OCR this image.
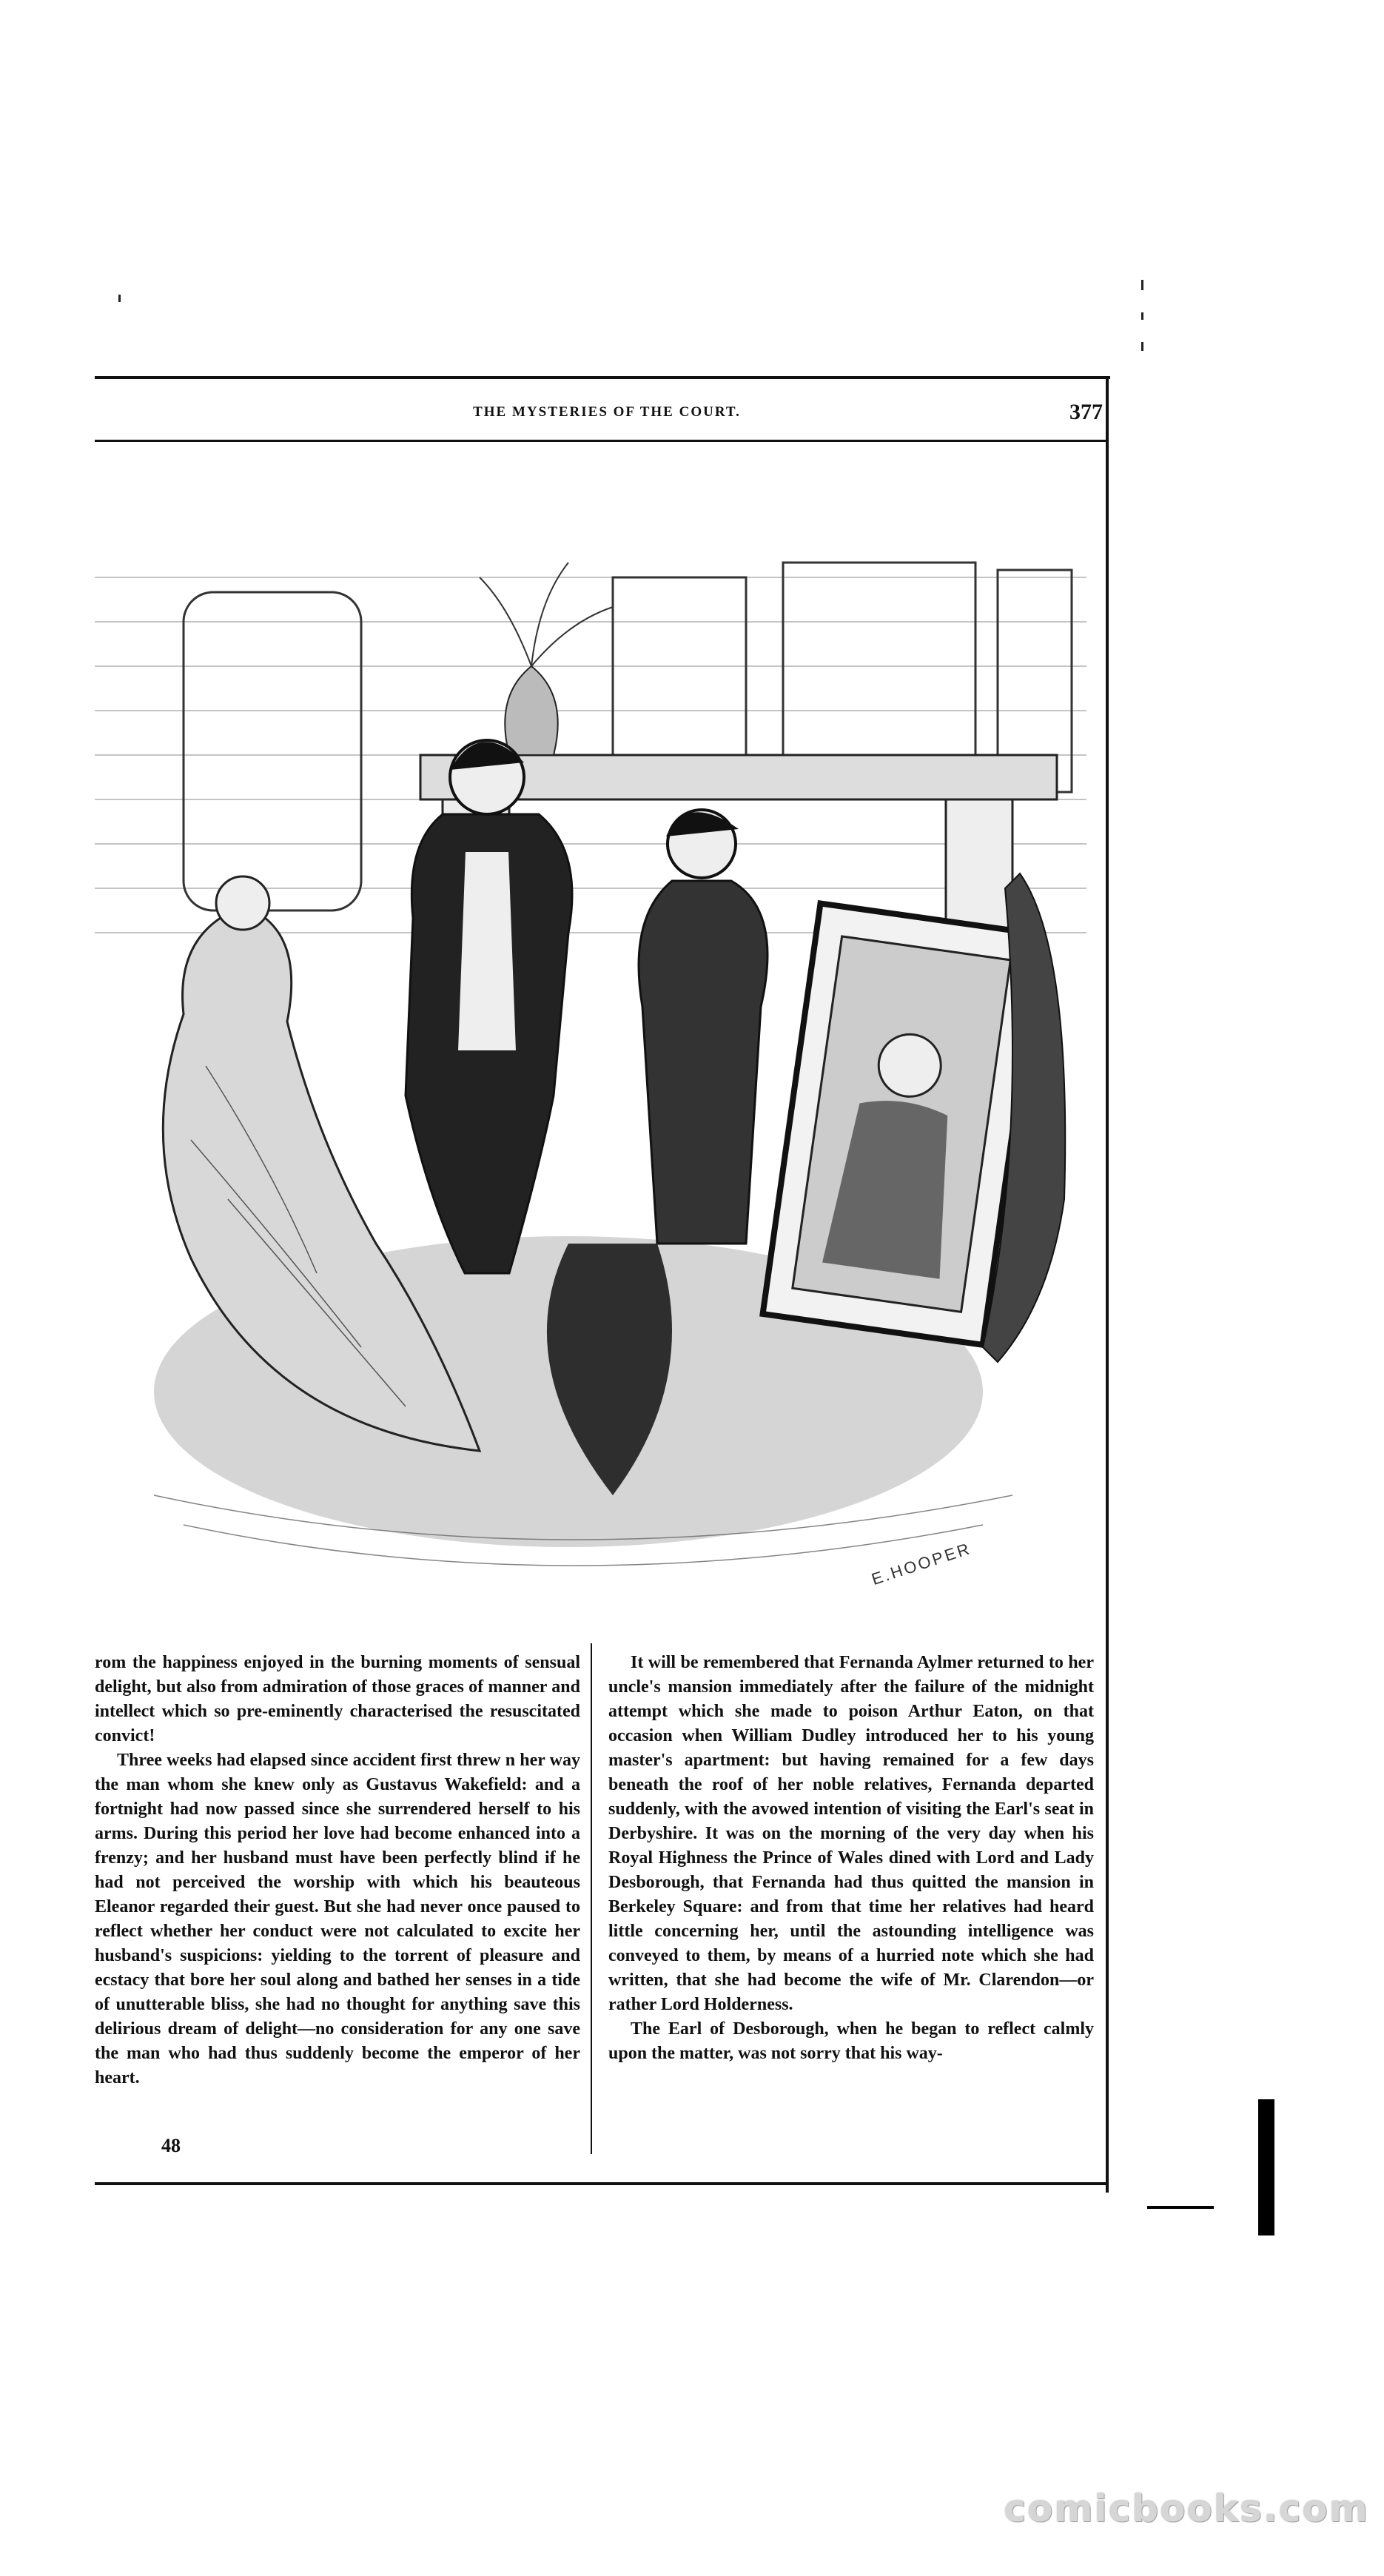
THE MYSTERIES OF THE COURT.	377
E.HOOPER

rom the happiness enjoyed in the burning moments of sensual delight, but also from admiration of those graces of manner and intellect which so pre-eminently characterised the resuscitated convict!

Three weeks had elapsed since accident first threw n her way the man whom she knew only as Gustavus Wakefield: and a fortnight had now passed since she surrendered herself to his arms. During this period her love had become enhanced into a frenzy; and her husband must have been perfectly blind if he had not perceived the worship with which his beauteous Eleanor regarded their guest. But she had never once paused to reflect whether her conduct were not calculated to excite her husband's suspicions: yielding to the torrent of pleasure and ecstacy that bore her soul along and bathed her senses in a tide of unutterable bliss, she had no thought for anything save this delirious dream of delight—no consideration for any one save the man who had thus suddenly become the emperor of her heart.

It will be remembered that Fernanda Aylmer returned to her uncle's mansion immediately after the failure of the midnight attempt which she made to poison Arthur Eaton, on that occasion when William Dudley introduced her to his young master's apartment: but having remained for a few days beneath the roof of her noble relatives, Fernanda departed suddenly, with the avowed intention of visiting the Earl's seat in Derbyshire. It was on the morning of the very day when his Royal Highness the Prince of Wales dined with Lord and Lady Desborough, that Fernanda had thus quitted the mansion in Berkeley Square: and from that time her relatives had heard little concerning her, until the astounding intelligence was conveyed to them, by means of a hurried note which she had written, that she had become the wife of Mr. Clarendon—or rather Lord Holderness.

The Earl of Desborough, when he began to reflect calmly upon the matter, was not sorry that his way-

48
comicbooks.com
